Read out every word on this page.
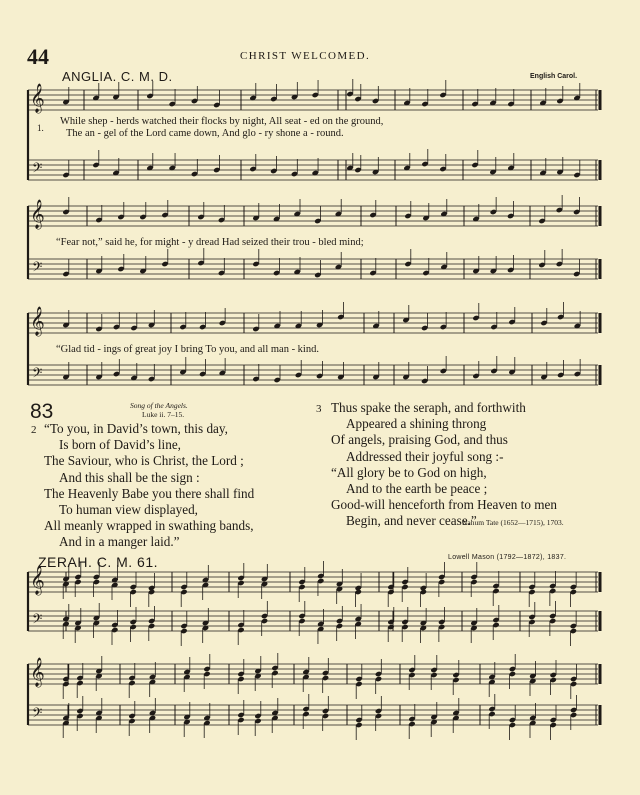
44	CHRIST WELCOMED.
ANGLIA. C. M. D.	English Carol.
1.
While shep - herds watched their flocks by night, All seat - ed on the ground,
The an - gel of the Lord came down, And glo - ry shone a - round.
“Fear not,” said he, for might - y dread Had seized their trou - bled mind;
“Glad tid - ings of great joy I bring To you, and all man - kind.
83	Song of the Angels.
Luke ii. 7–15.
2 “To you, in David’s town, this day,
Is born of David’s line,
The Saviour, who is Christ, the Lord ;
And this shall be the sign :
The Heavenly Babe you there shall find
To human view displayed,
All meanly wrapped in swathing bands,
And in a manger laid.”
3 Thus spake the seraph, and forthwith
Appeared a shining throng
Of angels, praising God, and thus
Addressed their joyful song :-
“All glory be to God on high,
And to the earth be peace ;
Good-will henceforth from Heaven to men
Begin, and never cease.”
Nahum Tate (1652—1715), 1703.
ZERAH. C. M. 61.	Lowell Mason (1792—1872), 1837.
𝄞
𝄢
𝄞
𝄢
𝄞
𝄢
𝄞
𝄢
𝄞
𝄢
